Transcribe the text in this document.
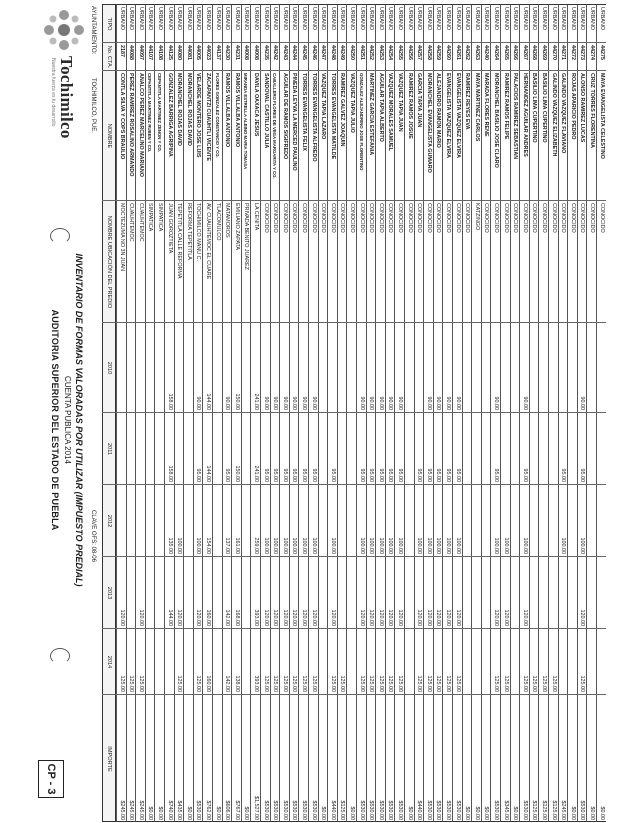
Tochimilco
Nuestra fuerza es tu desarrollo
AUDITORIA SUPERIOR DEL ESTADO DE PUEBLA CUENTA PUBLICA 2014 INVENTARIO DE FORMAS VALORADAS POR UTILIZAR (IMPUESTO PREDIAL)
CP - 3
AYUNTAMIENTO:
TOCHIMILCO, PUE.
CLAVE OFS: 08-06
TIPO
No. CTA.
NOMBRE
NOMBRE UBICACIÓN DEL PREDIO
2010
2011
2012
2013
2014
IMPORTE
URBANO
2187
CONTLA SILVA Y COPS BRAULIO
MOCTEZUMA NO 3N JUAN
120.00
125.00
$245.00
URBANO
44088
PEREZ RAMIREZ ROSALINO ARMANDO
CUAUHTEMOC
125.00
$245.00
URBANO
44097
ANALCO PEREZ MARCELINO MARIANO
CUAUHTEMOC
120.00
125.00
$245.00
URBANO
44107
CEPANTITLA MARTINEZ RUBEN Y CO.
SIMPATICA
$0.00
URBANO
44108
CEPANTITLA MARTINEZ ZENON Y CO.
SIMPATICA
$0.00
URBANO
44125
GONZALEZ BARRIGA AGRIPINA
JUAN GOROZTIETA
158.00
158.00
135.00
144.00
$740.00
URBANO
44080
MORANCHEL ROJAS DAVID
TEPETITLA CALLE REFORMA
100.00
120.00
125.00
$435.00
URBANO
44081
MORANCHEL ROJAS DAVID
REFORMA TEPETITLA
$0.00
URBANO
44005
VELARDE MONTERO JOSE LUIS
TOCHIMILCO MANU C.
90.00
95.00
100.00
120.00
125.00
$530.00
URBANO
44023
ZACAPANTZI CUAUHTLI VICENTE
AV. CUAUHTEMOC EL CUARE
144.00
144.00
154.00
160.00
160.00
$762.00
URBANO
44137
FLORES GONZALEZ CONSTANCIO Y CO.
TLACOMULCO
$0.00
URBANO
44230
RAMOS VILLALBA ANTONIO
MATAMOROS
90.00
95.00
137.00
142.00
142.00
$606.00
URBANO
44231
RAMOS VILLALBA ANTONIO
EMILIANO ZAPATA
150.00
150.00
161.00
168.00
138.00
$767.00
URBANO
44008
MIRANDA ESTRELLA ALBINO MARIA TOMASA
PRIVADA BENITO JUAREZ
$0.00
URBANO
44008
DAVILA OAXACA JESUS
LA CENITA
241.00
241.00
259.00
393.00
393.00
$1,527.00
URBANO
44235
SANDOVAL CASTILLO JULIA
CONOCIDO
90.00
95.00
100.00
120.00
125.00
$530.00
URBANO
44242
CABALLERO FLORES DE VEGA MARGARITA Y CO.
CONOCIDO
90.00
95.00
100.00
120.00
125.00
$530.00
URBANO
44243
AGUILAR DE RAMOS SIGIFREDO
CONOCIDO
90.00
95.00
100.00
120.00
125.00
$530.00
URBANO
44244
PINEDA LEYVA LA MERCED PAULINO
CONOCIDO
90.00
95.00
100.00
120.00
125.00
$530.00
URBANO
44245
TORRES EVANGELISTA FELIX
CONOCIDO
90.00
95.00
100.00
120.00
125.00
$530.00
URBANO
44246
TORRES EVANGELISTA ALFREDO
CONOCIDO
90.00
95.00
100.00
120.00
125.00
$530.00
URBANO
44247
VAZQUEZ TAPIA LAZARO
CONOCIDO
$0.00
URBANO
44248
TORRES EVANGELISTA MATILDE
CONOCIDO
95.00
100.00
120.00
125.00
$440.00
URBANO
44249
RAMIREZ GALVEZ JOAQUIN
CONOCIDO
125.00
$125.00
URBANO
44250
VAZQUEZ TAPIA JULIO
CONOCIDO
$0.00
URBANO
44251
GONZALEZ ALEJANDRINO JOSE FLORENTINO
CONOCIDO
90.00
95.00
100.00
120.00
125.00
$530.00
URBANO
44252
MARTINEZ GARCIA ESTEFANIA
CONOCIDO
90.00
95.00
100.00
120.00
125.00
$530.00
URBANO
44253
AGUILAR TAPIA ALBERTO
CONOCIDO
90.00
95.00
100.00
120.00
125.00
$530.00
URBANO
44254
VAZQUEZ MORALES SAMUEL
CONOCIDO
90.00
95.00
100.00
120.00
125.00
$530.00
URBANO
44255
VAZQUEZ TAPIA JUAN
CONOCIDO
90.00
95.00
100.00
120.00
125.00
$530.00
URBANO
44256
RAMIREZ RAMOS JOSUE
CONOCIDO
$0.00
URBANO
44257
GARCIA TAPIA JUAN
CONOCIDO
95.00
100.00
120.00
125.00
$440.00
URBANO
44258
MORANCHEL EVANGELISTA GUMARO
CONOCIDO
90.00
95.00
100.00
120.00
125.00
$530.00
URBANO
44259
ALEJANDRO RAMON MARIO
CONOCIDO
90.00
95.00
100.00
120.00
125.00
$530.00
URBANO
44260
EVANGELISTA VAZQUEZ ELVIRA
CONOCIDO
90.00
95.00
100.00
120.00
125.00
$530.00
URBANO
44261
EVANGELISTA VAZQUEZ ELVIRA
CONOCIDO
90.00
95.00
100.00
120.00
125.00
$530.00
URBANO
44262
RAMIREZ REYES EVA
CONOCIDO
$0.00
URBANO
44263
MAYA MARTINEZ CARLOS
KATZINGO
$0.00
URBANO
44240
MARADA FLORES RENE
CONOCIDO
$0.00
URBANO
44264
MORANCHEL BASILIO JOSE CLARO
CONOCIDO
90.00
95.00
100.00
120.00
125.00
$530.00
URBANO
44265
RAMIREZ RAMOS FELIPE
CONOCIDO
100.00
120.00
125.00
$345.00
URBANO
44266
PALACIOS RAMIREZ SEBASTIAN
CONOCIDO
$0.00
URBANO
44267
HERNANDEZ AGUILAR ANDRES
CONOCIDO
90.00
95.00
100.00
120.00
125.00
$530.00
URBANO
44268
BASILIO LIMA CUPERTINO
CONOCIDO
125.00
$125.00
URBANO
44269
BASILIO LIMA CUPERTINO
CONOCIDO
125.00
$125.00
URBANO
44270
GALINDO VAZQUEZ ELIZABETH
CONOCIDO
125.00
$125.00
URBANO
44271
GALINDO VAZQUEZ FLAVIANO
CONOCIDO
95.00
100.00
$245.00
URBANO
44272
ROJAS APARICIO PEDRO
CONOCIDO
$0.00
URBANO
44273
ALONSO RAMIREZ LUCAS
CONOCIDO
90.00
95.00
100.00
120.00
125.00
$530.00
URBANO
44274
CRUZ TORRES FLORENTINA
CONOCIDO
$0.00
URBANO
44275
MAYA EVANGELISTA CELESTINO
CONOCIDO
$0.00
